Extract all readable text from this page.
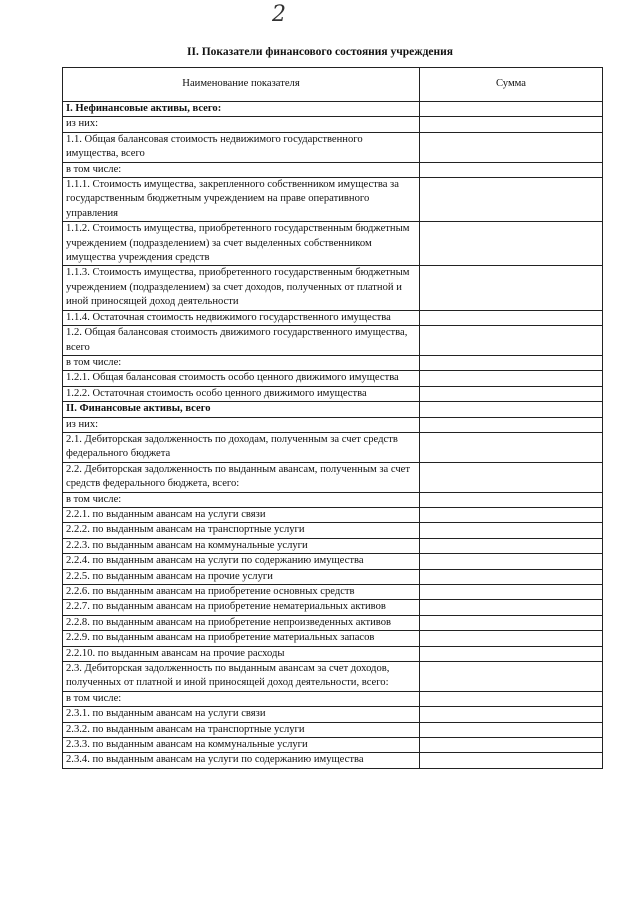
2
II. Показатели финансового состояния учреждения
Наименование показателя	Сумма
I. Нефинансовые активы, всего:	
из них:	
1.1. Общая балансовая стоимость недвижимого государственного имущества, всего	
в том числе:	
1.1.1. Стоимость имущества, закрепленного собственником имущества за государственным бюджетным учреждением на праве оперативного управления	
1.1.2. Стоимость имущества, приобретенного государственным бюджетным учреждением (подразделением) за счет выделенных собственником имущества учреждения средств	
1.1.3. Стоимость имущества, приобретенного государственным бюджетным учреждением (подразделением) за счет доходов, полученных от платной и иной приносящей доход деятельности	
1.1.4. Остаточная стоимость недвижимого государственного имущества	
1.2. Общая балансовая стоимость движимого государственного имущества, всего	
в том числе:	
1.2.1. Общая балансовая стоимость особо ценного движимого имущества	
1.2.2. Остаточная стоимость особо ценного движимого имущества	
II. Финансовые активы, всего	
из них:	
2.1. Дебиторская задолженность по доходам, полученным за счет средств федерального бюджета	
2.2. Дебиторская задолженность по выданным авансам, полученным за счет средств федерального бюджета, всего:	
в том числе:	
2.2.1. по выданным авансам на услуги связи	
2.2.2. по выданным авансам на транспортные услуги	
2.2.3. по выданным авансам на коммунальные услуги	
2.2.4. по выданным авансам на услуги по содержанию имущества	
2.2.5. по выданным авансам на прочие услуги	
2.2.6. по выданным авансам на приобретение основных средств	
2.2.7. по выданным авансам на приобретение нематериальных активов	
2.2.8. по выданным авансам на приобретение непроизведенных активов	
2.2.9. по выданным авансам на приобретение материальных запасов	
2.2.10. по выданным авансам на прочие расходы	
2.3. Дебиторская задолженность по выданным авансам за счет доходов, полученных от платной и иной приносящей доход деятельности, всего:	
в том числе:	
2.3.1. по выданным авансам на услуги связи	
2.3.2. по выданным авансам на транспортные услуги	
2.3.3. по выданным авансам на коммунальные услуги	
2.3.4. по выданным авансам на услуги по содержанию имущества	
